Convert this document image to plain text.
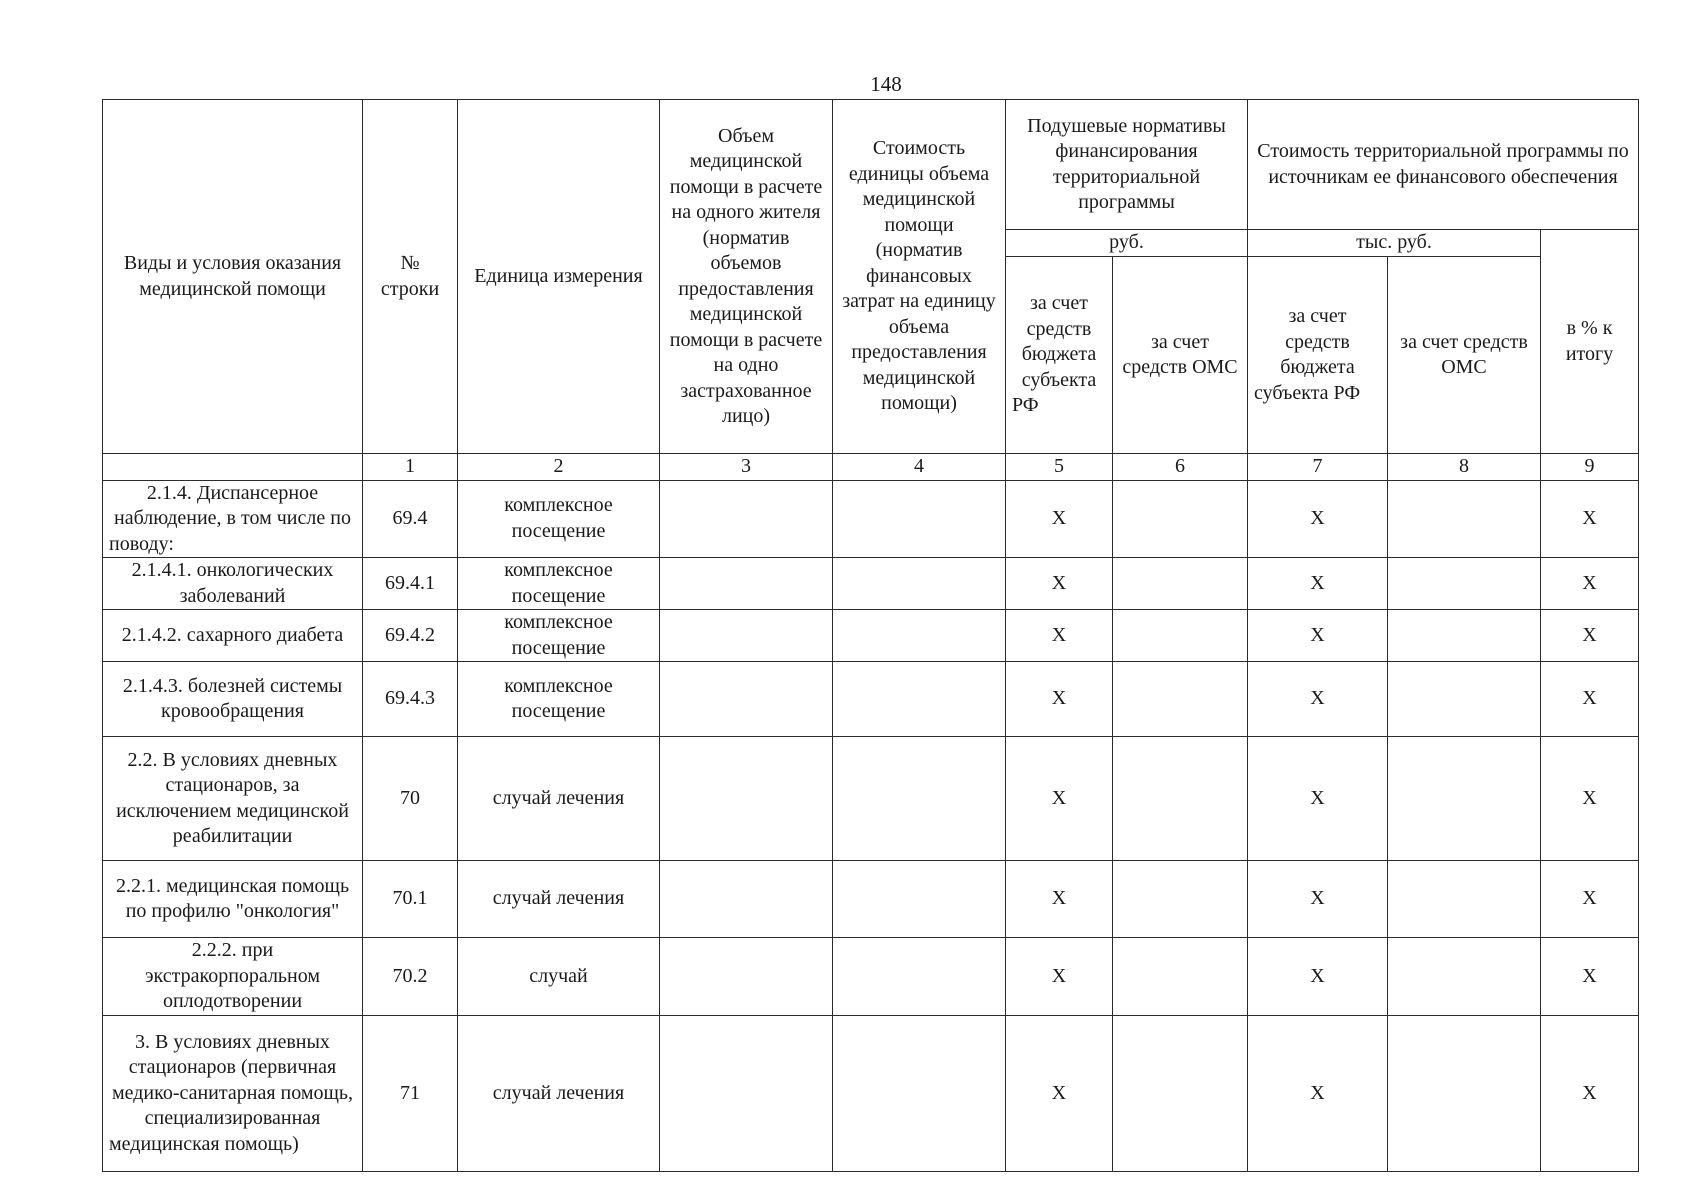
148
Виды и условия оказания медицинской помощи	№ строки	Единица измерения	Объем медицинской помощи в расчете на одного жителя (норматив объемов предоставления медицинской помощи в расчете на одно застрахованное лицо)	Стоимость единицы объема медицинской помощи (норматив финансовых затрат на единицу объема предоставления медицинской помощи)	Подушевые нормативы финансирования территориальной программы		Стоимость территориальной программы по источникам ее финансового обеспечения		
					руб.		тыс. руб.		в % к итогу
					за счет средств бюджета субъекта РФ	за счет средств ОМС	за счет средств бюджета субъекта РФ	за счет средств ОМС	
	1	2	3	4	5	6	7	8	9
2.1.4. Диспансерное наблюдение, в том числе по поводу:	69.4	комплексное посещение			X		X		X
2.1.4.1. онкологических заболеваний	69.4.1	комплексное посещение			X		X		X
2.1.4.2. сахарного диабета	69.4.2	комплексное посещение			X		X		X
2.1.4.3. болезней системы кровообращения	69.4.3	комплексное посещение			X		X		X
2.2. В условиях дневных стационаров, за исключением медицинской реабилитации	70	случай лечения			X		X		X
2.2.1. медицинская помощь по профилю "онкология"	70.1	случай лечения			X		X		X
2.2.2. при экстракорпоральном оплодотворении	70.2	случай			X		X		X
3. В условиях дневных стационаров (первичная медико-санитарная помощь, специализированная медицинская помощь)	71	случай лечения			X		X		X
